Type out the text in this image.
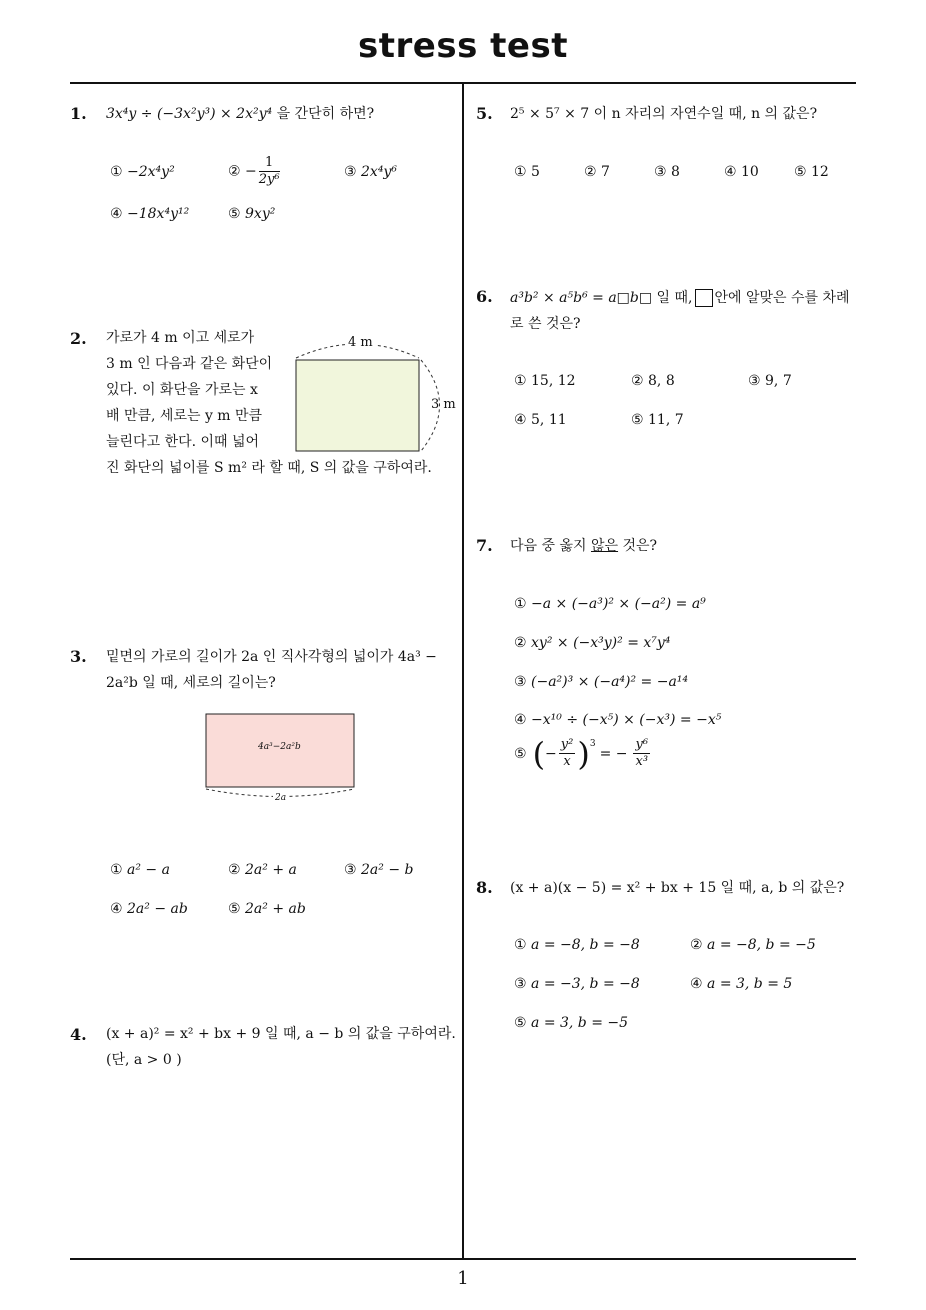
stress test
1
1. 3x⁴y ÷ (−3x²y³) × 2x²y⁴ 을 간단히 하면?
① −2x⁴y²	② − $\frac{1}{\text{2y⁶}}$	③ 2x⁴y⁶
④ −18x⁴y¹²	⑤ 9xy²
2. 가로가 4 m 이고 세로가
3 m 인 다음과 같은 화단이
있다. 이 화단을 가로는 x
배 만큼, 세로는 y m 만큼
늘린다고 한다. 이때 넓어
진 화단의 넓이를 S m² 라 할 때, S 의 값을 구하여라.
4 m
3 m
3. 밑면의 가로의 길이가 2a 인 직사각형의 넓이가 4a³ −
2a²b 일 때, 세로의 길이는?
4a³−2a²b
2a
① a² − a	② 2a² + a	③ 2a² − b
④ 2a² − ab	⑤ 2a² + ab
4. (x + a)² = x² + bx + 9 일 때, a − b 의 값을 구하여라.
(단, a > 0 )
5. 2⁵ × 5⁷ × 7 이 n 자리의 자연수일 때, n 의 값은?
① 5	② 7	③ 8	④ 10	⑤ 12
6. a³b² × a⁵b⁶ = a□b□ 일 때, 안에 알맞은 수를 차례
로 쓴 것은?
① 15, 12	② 8, 8	③ 9, 7
④ 5, 11	⑤ 11, 7
7. 다음 중 옳지 않은 것은?
① −a × (−a³)² × (−a²) = a⁹
② xy² × (−x³y)² = x⁷y⁴
③ (−a²)³ × (−a⁴)² = −a¹⁴
④ −x¹⁰ ÷ (−x⁵) × (−x³) = −x⁵
⑤ ( − $\frac{\text{y²}}{x}$ ) 3
= − $\frac{\text{y⁶}}{\text{x³}}$
8. (x + a)(x − 5) = x² + bx + 15 일 때, a, b 의 값은?
① a = −8, b = −8	② a = −8, b = −5
③ a = −3, b = −8	④ a = 3, b = 5
⑤ a = 3, b = −5
